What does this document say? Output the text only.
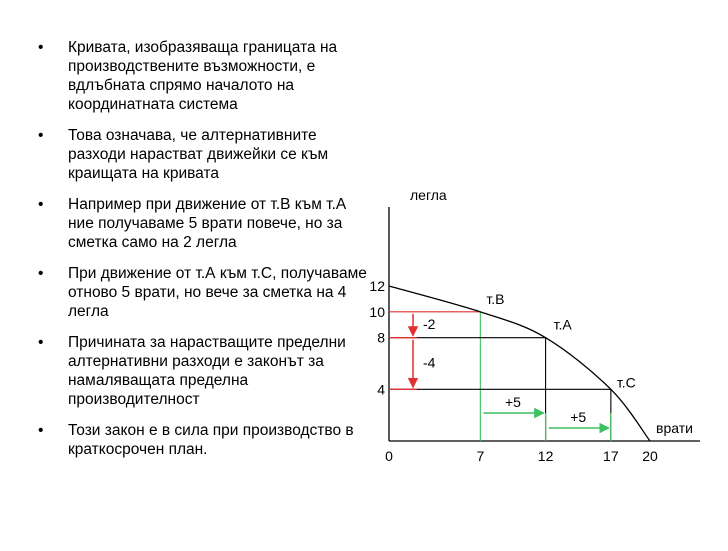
• Кривата, изобразяваща границата на производствените възможности, е вдлъбната спрямо началото на координатната система
• Това означава, че алтернативните разходи нарастват движейки се към краищата на кривата
• Например при движение от т.В към т.А ние получаваме 5 врати повече, но за сметка само на 2 легла
• При движение от т.А към т.С, получаваме отново 5 врати, но вече за сметка на 4 легла
• Причината за нарастващите пределни алтернативни разходи е законът за намаляващата пределна производителност
• Този закон е в сила при производство в краткосрочен план.
легла
врати
4
8
10
12
0	7	12	17 20
т.В
т.А
т.С
-2
-4
+5
+5
